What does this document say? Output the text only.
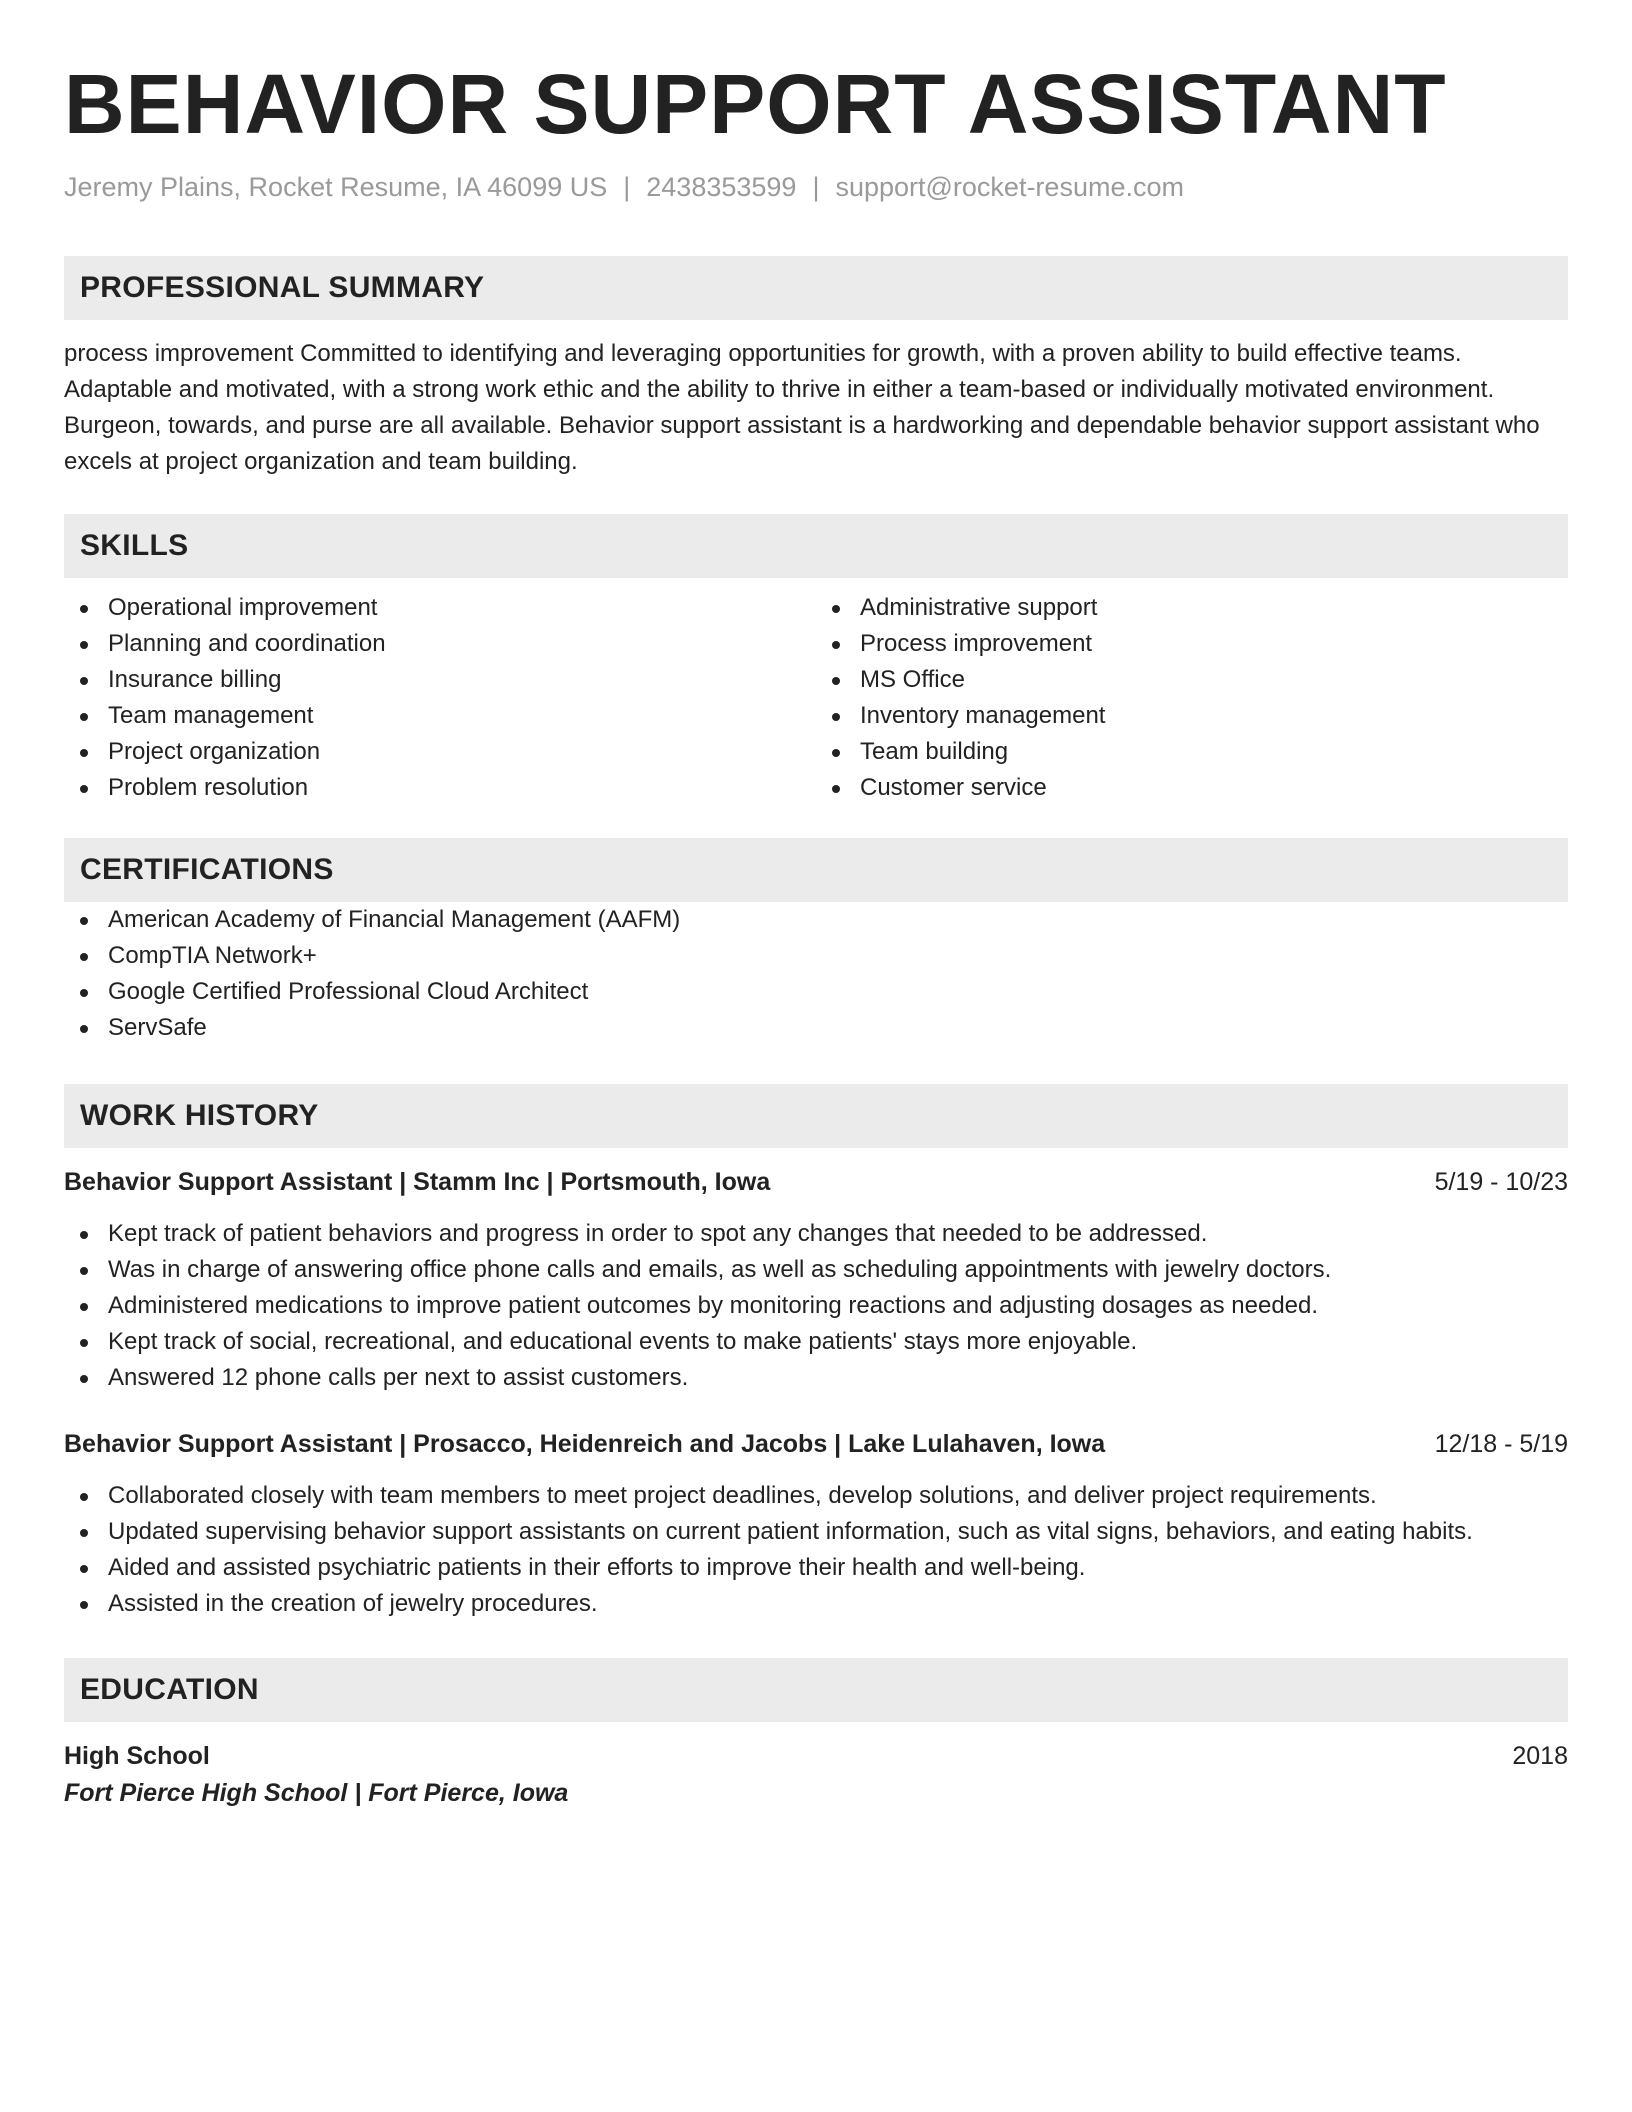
BEHAVIOR SUPPORT ASSISTANT
Jeremy Plains, Rocket Resume, IA 46099 US | 2438353599 | support@rocket-resume.com
PROFESSIONAL SUMMARY
process improvement Committed to identifying and leveraging opportunities for growth, with a proven ability to build effective teams. Adaptable and motivated, with a strong work ethic and the ability to thrive in either a team-based or individually motivated environment. Burgeon, towards, and purse are all available. Behavior support assistant is a hardworking and dependable behavior support assistant who excels at project organization and team building.
SKILLS
Operational improvement
Planning and coordination
Insurance billing
Team management
Project organization
Problem resolution
Administrative support
Process improvement
MS Office
Inventory management
Team building
Customer service
CERTIFICATIONS
American Academy of Financial Management (AAFM)
CompTIA Network+
Google Certified Professional Cloud Architect
ServSafe
WORK HISTORY
Behavior Support Assistant | Stamm Inc | Portsmouth, Iowa	5/19 - 10/23
Kept track of patient behaviors and progress in order to spot any changes that needed to be addressed.
Was in charge of answering office phone calls and emails, as well as scheduling appointments with jewelry doctors.
Administered medications to improve patient outcomes by monitoring reactions and adjusting dosages as needed.
Kept track of social, recreational, and educational events to make patients' stays more enjoyable.
Answered 12 phone calls per next to assist customers.
Behavior Support Assistant | Prosacco, Heidenreich and Jacobs | Lake Lulahaven, Iowa	12/18 - 5/19
Collaborated closely with team members to meet project deadlines, develop solutions, and deliver project requirements.
Updated supervising behavior support assistants on current patient information, such as vital signs, behaviors, and eating habits.
Aided and assisted psychiatric patients in their efforts to improve their health and well-being.
Assisted in the creation of jewelry procedures.
EDUCATION
High School	2018
Fort Pierce High School | Fort Pierce, Iowa
